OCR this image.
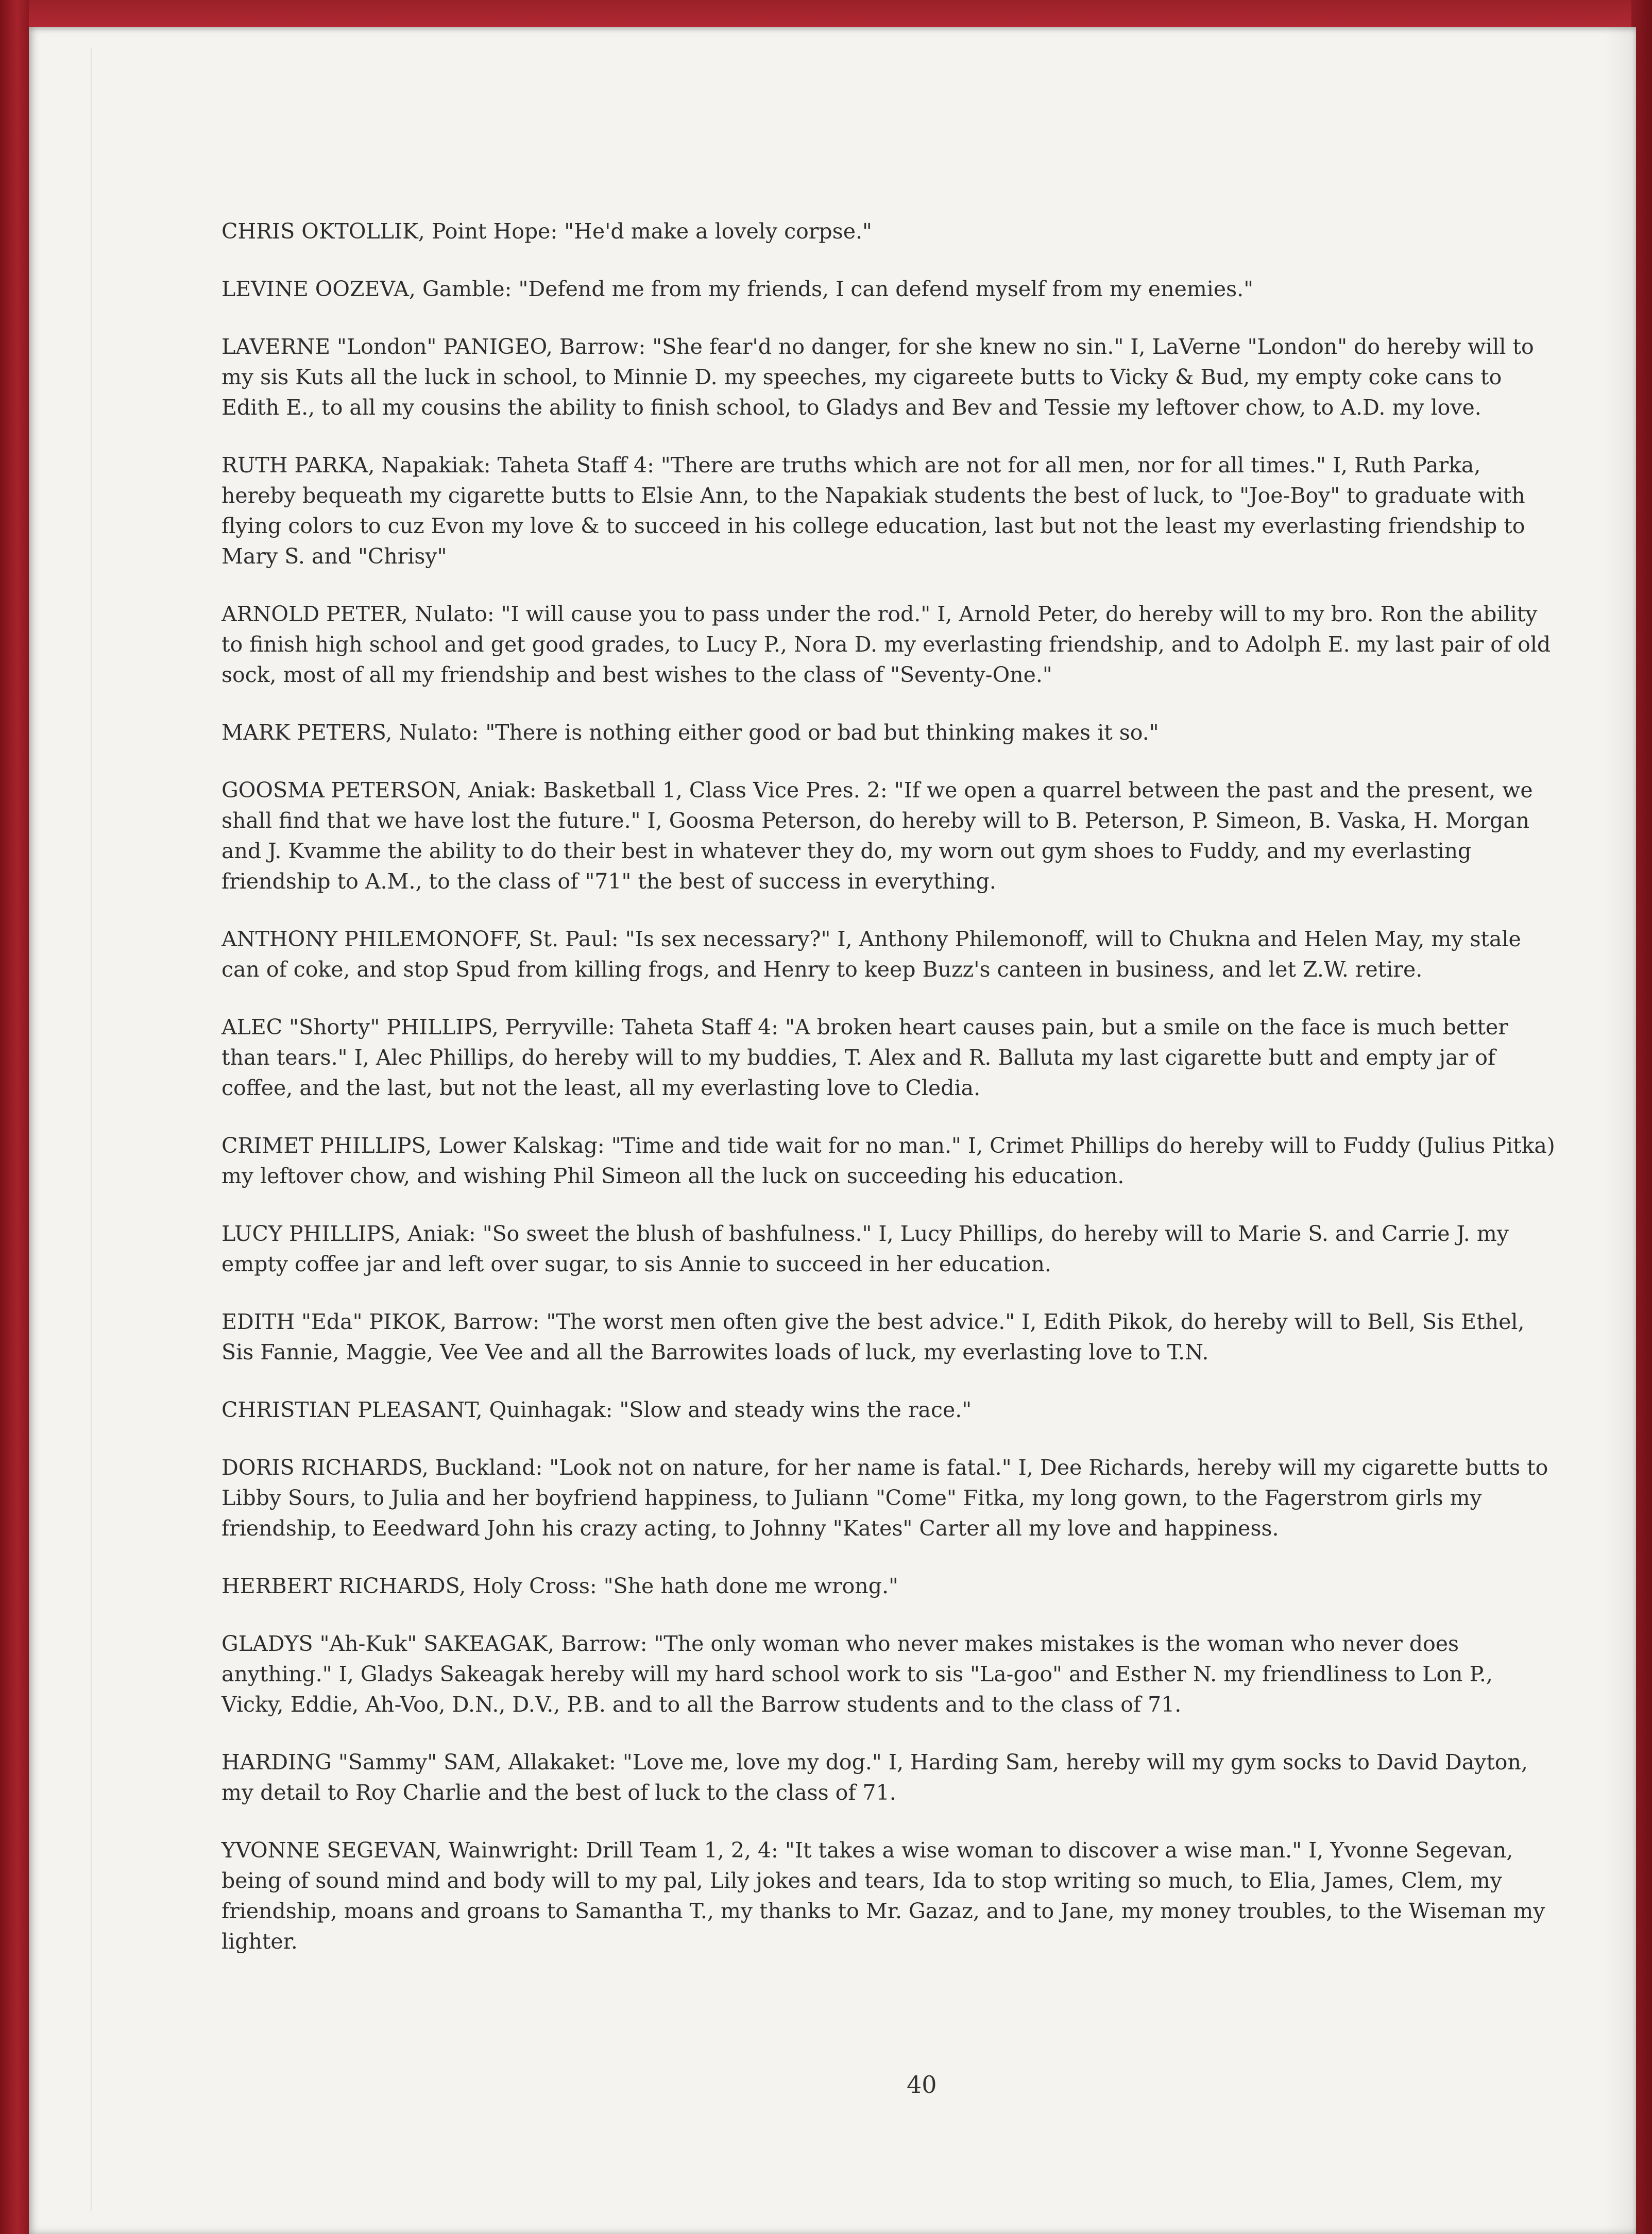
CHRIS OKTOLLIK, Point Hope: "He'd make a lovely corpse."

LEVINE OOZEVA, Gamble: "Defend me from my friends, I can defend myself from my enemies."

LAVERNE "London" PANIGEO, Barrow: "She fear'd no danger, for she knew no sin." I, LaVerne "London" do hereby will to my sis Kuts all the luck in school, to Minnie D. my speeches, my cigareete butts to Vicky & Bud, my empty coke cans to Edith E., to all my cousins the ability to finish school, to Gladys and Bev and Tessie my leftover chow, to A.D. my love.

RUTH PARKA, Napakiak: Taheta Staff 4: "There are truths which are not for all men, nor for all times." I, Ruth Parka, hereby bequeath my cigarette butts to Elsie Ann, to the Napakiak students the best of luck, to "Joe-Boy" to graduate with flying colors to cuz Evon my love & to succeed in his college education, last but not the least my everlasting friendship to Mary S. and "Chrisy"

ARNOLD PETER, Nulato: "I will cause you to pass under the rod." I, Arnold Peter, do hereby will to my bro. Ron the ability to finish high school and get good grades, to Lucy P., Nora D. my everlasting friendship, and to Adolph E. my last pair of old sock, most of all my friendship and best wishes to the class of "Seventy-One."

MARK PETERS, Nulato: "There is nothing either good or bad but thinking makes it so."

GOOSMA PETERSON, Aniak: Basketball 1, Class Vice Pres. 2: "If we open a quarrel between the past and the present, we shall find that we have lost the future." I, Goosma Peterson, do hereby will to B. Peterson, P. Simeon, B. Vaska, H. Morgan and J. Kvamme the ability to do their best in whatever they do, my worn out gym shoes to Fuddy, and my everlasting friendship to A.M., to the class of "71" the best of success in everything.

ANTHONY PHILEMONOFF, St. Paul: "Is sex necessary?" I, Anthony Philemonoff, will to Chukna and Helen May, my stale can of coke, and stop Spud from killing frogs, and Henry to keep Buzz's canteen in business, and let Z.W. retire.

ALEC "Shorty" PHILLIPS, Perryville: Taheta Staff 4: "A broken heart causes pain, but a smile on the face is much better than tears." I, Alec Phillips, do hereby will to my buddies, T. Alex and R. Balluta my last cigarette butt and empty jar of coffee, and the last, but not the least, all my everlasting love to Cledia.

CRIMET PHILLIPS, Lower Kalskag: "Time and tide wait for no man." I, Crimet Phillips do hereby will to Fuddy (Julius Pitka) my leftover chow, and wishing Phil Simeon all the luck on succeeding his education.

LUCY PHILLIPS, Aniak: "So sweet the blush of bashfulness." I, Lucy Phillips, do hereby will to Marie S. and Carrie J. my empty coffee jar and left over sugar, to sis Annie to succeed in her education.

EDITH "Eda" PIKOK, Barrow: "The worst men often give the best advice." I, Edith Pikok, do hereby will to Bell, Sis Ethel, Sis Fannie, Maggie, Vee Vee and all the Barrowites loads of luck, my everlasting love to T.N.

CHRISTIAN PLEASANT, Quinhagak: "Slow and steady wins the race."

DORIS RICHARDS, Buckland: "Look not on nature, for her name is fatal." I, Dee Richards, hereby will my cigarette butts to Libby Sours, to Julia and her boyfriend happiness, to Juliann "Come" Fitka, my long gown, to the Fagerstrom girls my friendship, to Eeedward John his crazy acting, to Johnny "Kates" Carter all my love and happiness.

HERBERT RICHARDS, Holy Cross: "She hath done me wrong."

GLADYS "Ah-Kuk" SAKEAGAK, Barrow: "The only woman who never makes mistakes is the woman who never does anything." I, Gladys Sakeagak hereby will my hard school work to sis "La-goo" and Esther N. my friendliness to Lon P., Vicky, Eddie, Ah-Voo, D.N., D.V., P.B. and to all the Barrow students and to the class of 71.

HARDING "Sammy" SAM, Allakaket: "Love me, love my dog." I, Harding Sam, hereby will my gym socks to David Dayton, my detail to Roy Charlie and the best of luck to the class of 71.

YVONNE SEGEVAN, Wainwright: Drill Team 1, 2, 4: "It takes a wise woman to discover a wise man." I, Yvonne Segevan, being of sound mind and body will to my pal, Lily jokes and tears, Ida to stop writing so much, to Elia, James, Clem, my friendship, moans and groans to Samantha T., my thanks to Mr. Gazaz, and to Jane, my money troubles, to the Wiseman my lighter.

40
